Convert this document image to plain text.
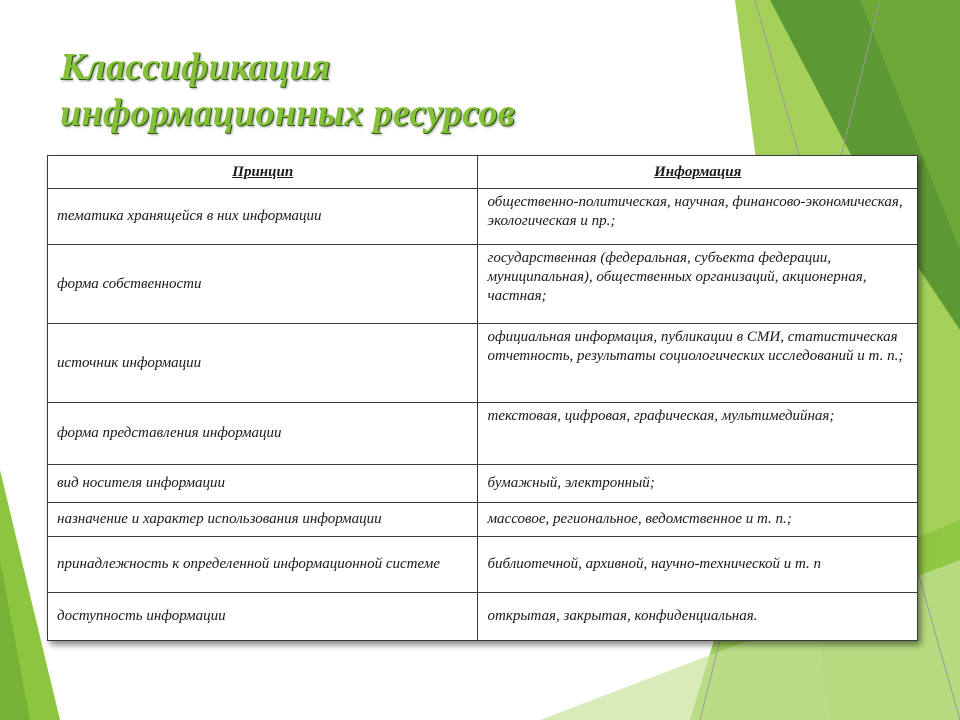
Классификация
информационных ресурсов
Принцип	Информация
тематика хранящейся в них информации	общественно-политическая, научная, финансово-экономическая, экологическая и пр.;
форма собственности	государственная (федеральная, субъекта федерации, муниципальная), общественных организаций, акционерная, частная;
источник информации	официальная информация, публикации в СМИ, статистическая отчетность, результаты социологических исследований и т. п.;
форма представления информации	текстовая, цифровая, графическая, мультимедийная;
вид носителя информации	бумажный, электронный;
назначение и характер использования информации	массовое, региональное, ведомственное и т. п.;
принадлежность к определенной информационной системе	библиотечной, архивной, научно-технической и т. п
доступность информации	открытая, закрытая, конфиденциальная.
